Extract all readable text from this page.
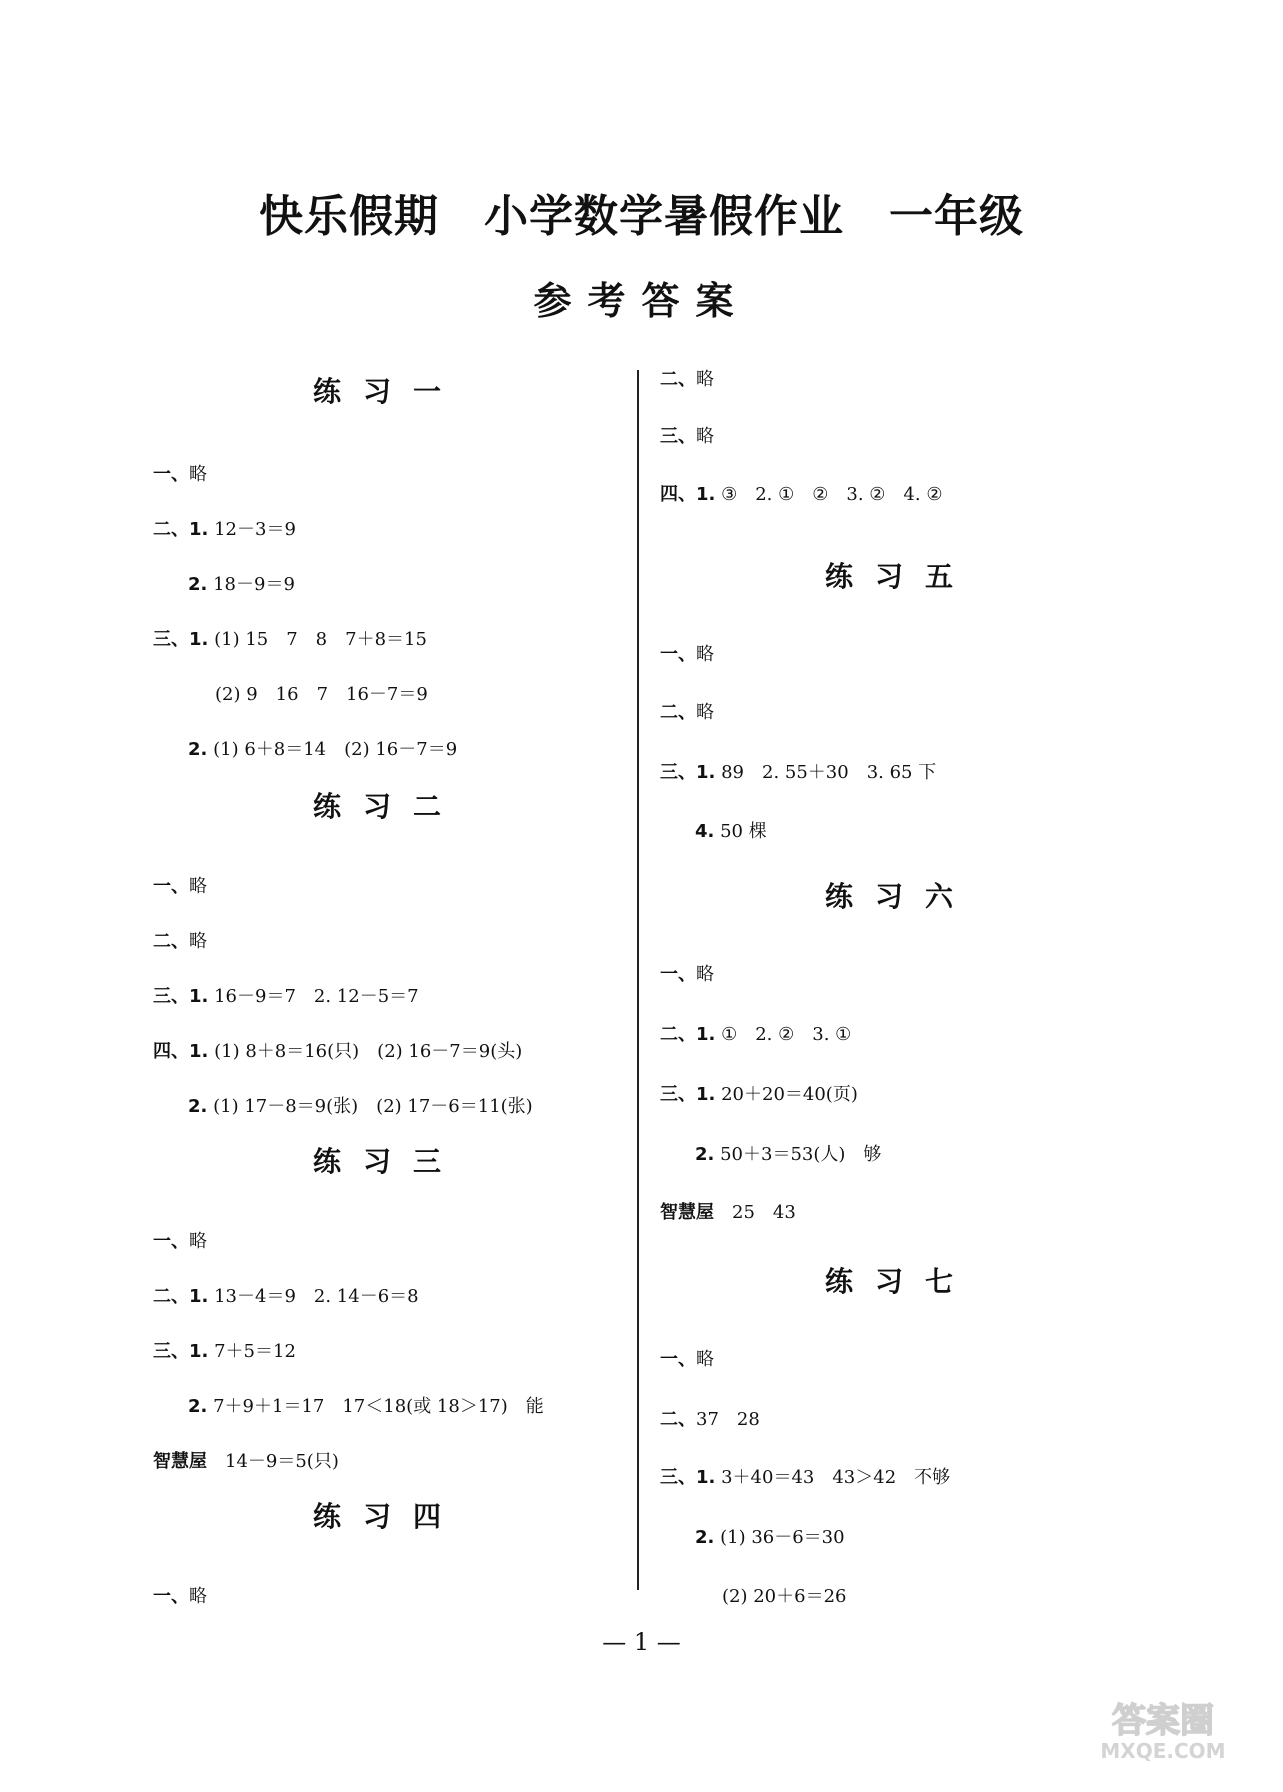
快乐假期　小学数学暑假作业　一年级
参考答案
练习一
一、略
二、1. 12－3＝9
2. 18－9＝9
三、1. (1) 15　7　8　7＋8＝15
(2) 9　16　7　16－7＝9
2. (1) 6＋8＝14　(2) 16－7＝9
练习二
一、略
二、略
三、1. 16－9＝7　2. 12－5＝7
四、1. (1) 8＋8＝16(只)　(2) 16－7＝9(头)
2. (1) 17－8＝9(张)　(2) 17－6＝11(张)
练习三
一、略
二、1. 13－4＝9　2. 14－6＝8
三、1. 7＋5＝12
2. 7＋9＋1＝17　17＜18(或 18＞17)　能
智慧屋　14－9＝5(只)
练习四
一、略
二、略
三、略
四、1. ③　2. ①　②　3. ②　4. ②
练习五
一、略
二、略
三、1. 89　2. 55＋30　3. 65 下
4. 50 棵
练习六
一、略
二、1. ①　2. ②　3. ①
三、1. 20＋20＝40(页)
2. 50＋3＝53(人)　够
智慧屋　25　43
练习七
一、略
二、37　28
三、1. 3＋40＝43　43＞42　不够
2. (1) 36－6＝30
(2) 20＋6＝26
— 1 —
答案圈
MXQE.COM
